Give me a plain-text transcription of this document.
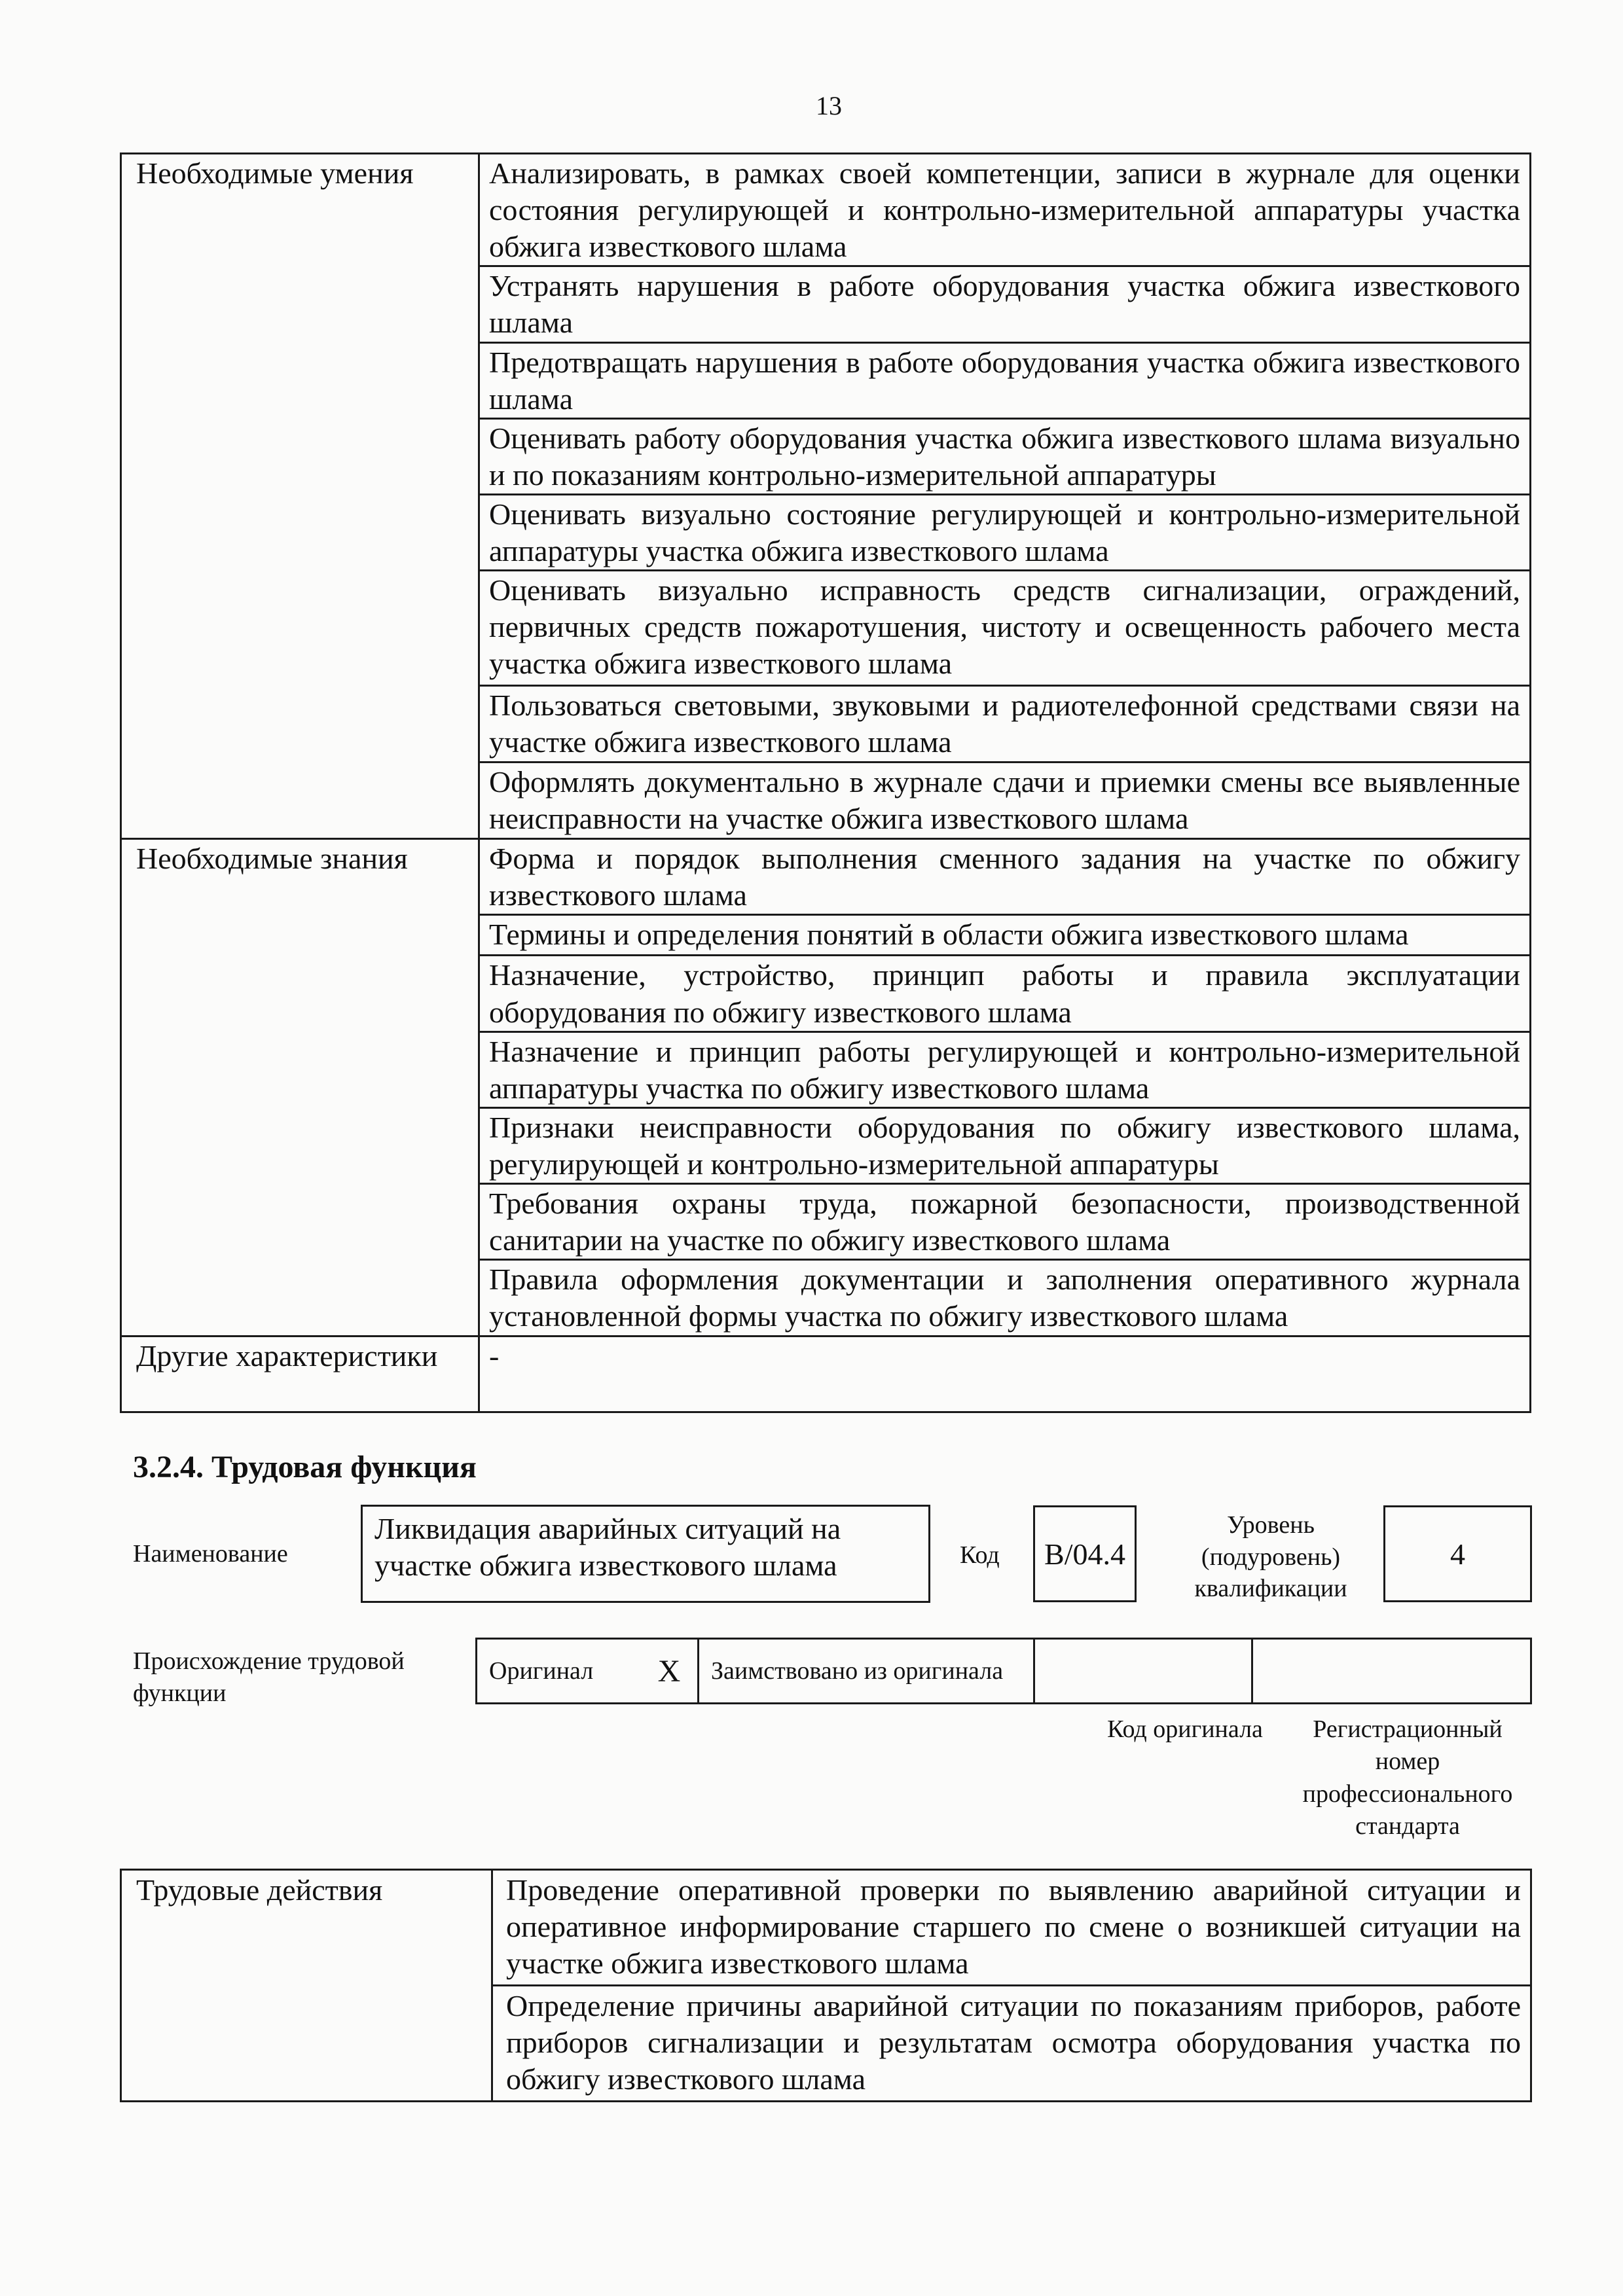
13
Необходимые умения	Анализировать, в рамках своей компетенции, записи в журнале для оценки состояния регулирующей и контрольно-измерительной аппаратуры участка обжига известкового шлама
	Устранять нарушения в работе оборудования участка обжига известкового шлама
	Предотвращать нарушения в работе оборудования участка обжига известкового шлама
	Оценивать работу оборудования участка обжига известкового шлама визуально и по показаниям контрольно-измерительной аппаратуры
	Оценивать визуально состояние регулирующей и контрольно-измерительной аппаратуры участка обжига известкового шлама
	Оценивать визуально исправность средств сигнализации, ограждений, первичных средств пожаротушения, чистоту и освещенность рабочего места участка обжига известкового шлама
	Пользоваться световыми, звуковыми и радиотелефонной средствами связи на участке обжига известкового шлама
	Оформлять документально в журнале сдачи и приемки смены все выявленные неисправности на участке обжига известкового шлама
Необходимые знания	Форма и порядок выполнения сменного задания на участке по обжигу известкового шлама
	Термины и определения понятий в области обжига известкового шлама
	Назначение, устройство, принцип работы и правила эксплуатации оборудования по обжигу известкового шлама
	Назначение и принцип работы регулирующей и контрольно-измерительной аппаратуры участка по обжигу известкового шлама
	Признаки неисправности оборудования по обжигу известкового шлама, регулирующей и контрольно-измерительной аппаратуры
	Требования охраны труда, пожарной безопасности, производственной санитарии на участке по обжигу известкового шлама
	Правила оформления документации и заполнения оперативного журнала установленной формы участка по обжигу известкового шлама
Другие характеристики	-
3.2.4. Трудовая функция
Наименование
Ликвидация аварийных ситуаций на участке обжига известкового шлама	Код B/04.4
Уровень (подуровень) квалификации
4
Происхождение трудовой функции
Оригинал	X	Заимствовано из оригинала		
Код оригинала	Регистрационный номер профессионального стандарта
Трудовые действия	Проведение оперативной проверки по выявлению аварийной ситуации и оперативное информирование старшего по смене о возникшей ситуации на участке обжига известкового шлама
Определение причины аварийной ситуации по показаниям приборов, работе приборов сигнализации и результатам осмотра оборудования участка по обжигу известкового шлама
